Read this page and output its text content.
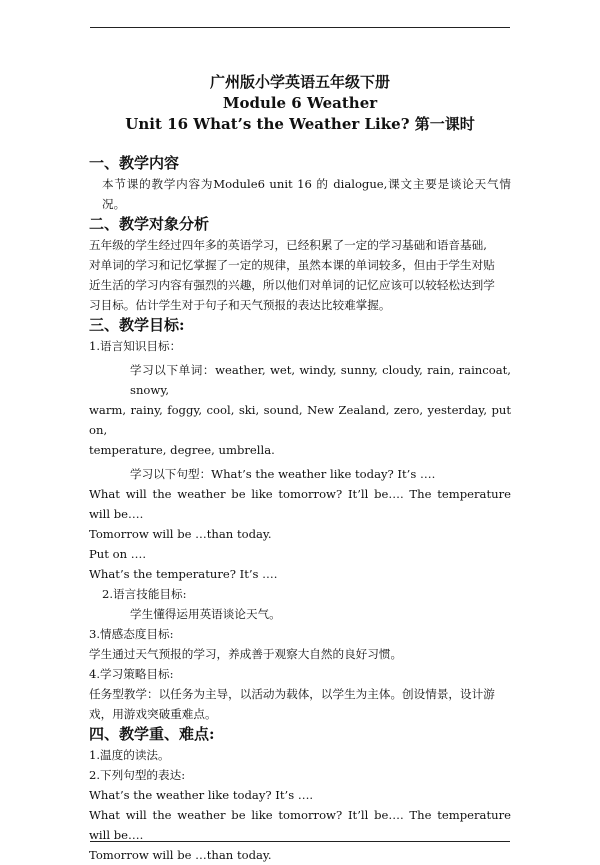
广州版小学英语五年级下册

Module 6 Weather

Unit 16 What’s the Weather Like? 第一课时

一、教学内容

本节课的教学内容为Module6 unit 16 的 dialogue,课文主要是谈论天气情况。

二、教学对象分析

五年级的学生经过四年多的英语学习，已经积累了一定的学习基础和语音基础,

对单词的学习和记忆掌握了一定的规律，虽然本课的单词较多，但由于学生对贴

近生活的学习内容有强烈的兴趣，所以他们对单词的记忆应该可以较轻松达到学

习目标。估计学生对于句子和天气预报的表达比较难掌握。

三、教学目标:

1.语言知识目标：

学习以下单词：weather, wet, windy, sunny, cloudy, rain, raincoat, snowy,

warm, rainy, foggy, cool, ski, sound, New Zealand, zero, yesterday, put on,

temperature, degree, umbrella.

学习以下句型：What’s the weather like today? It’s ….

What will the weather be like tomorrow? It’ll be…. The temperature will be….

Tomorrow will be …than today.

Put on ….

What’s the temperature? It’s ….

2.语言技能目标:

学生懂得运用英语谈论天气。

3.情感态度目标:

学生通过天气预报的学习，养成善于观察大自然的良好习惯。

4.学习策略目标:

任务型教学：以任务为主导，以活动为载体，以学生为主体。创设情景，设计游

戏，用游戏突破重难点。

四、教学重、难点:

1.温度的读法。

2.下列句型的表达:

What’s the weather like today? It’s ….

What will the weather be like tomorrow? It’ll be…. The temperature will be….

Tomorrow will be …than today.
